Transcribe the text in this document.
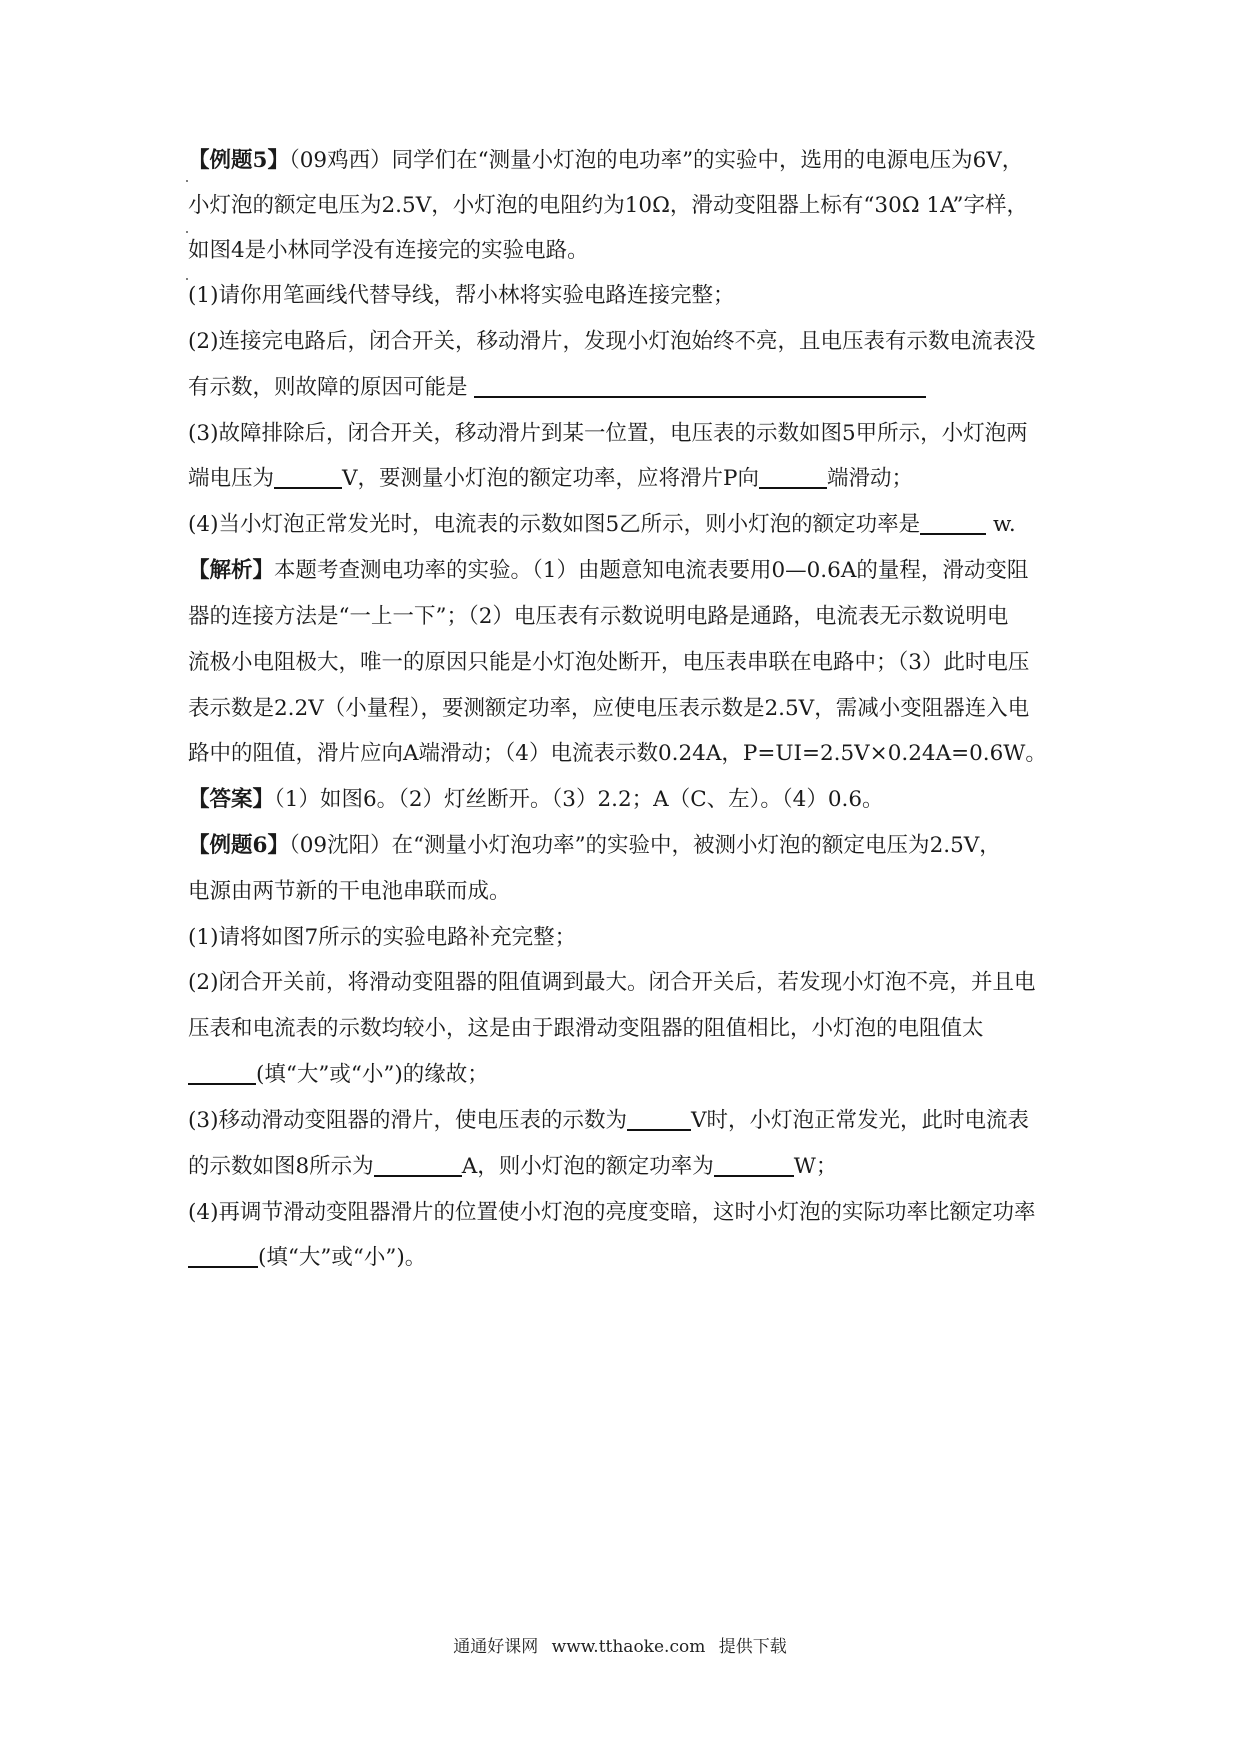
【例题5】（09鸡西）同学们在“测量小灯泡的电功率”的实验中，选用的电源电压为6V，
小灯泡的额定电压为2.5V，小灯泡的电阻约为10Ω，滑动变阻器上标有“30Ω 1A”字样，
如图4是小林同学没有连接完的实验电路。
(1)请你用笔画线代替导线，帮小林将实验电路连接完整；
(2)连接完电路后，闭合开关，移动滑片，发现小灯泡始终不亮，且电压表有示数电流表没
有示数，则故障的原因可能是
(3)故障排除后，闭合开关，移动滑片到某一位置，电压表的示数如图5甲所示，小灯泡两
端电压为	V，要测量小灯泡的额定功率，应将滑片P向	端滑动；
(4)当小灯泡正常发光时，电流表的示数如图5乙所示，则小灯泡的额定功率是	w.
【解析】本题考查测电功率的实验。（1）由题意知电流表要用0—0.6A的量程，滑动变阻
器的连接方法是“一上一下”；（2）电压表有示数说明电路是通路，电流表无示数说明电
流极小电阻极大，唯一的原因只能是小灯泡处断开，电压表串联在电路中；（3）此时电压
表示数是2.2V（小量程），要测额定功率，应使电压表示数是2.5V，需减小变阻器连入电
路中的阻值，滑片应向A端滑动；（4）电流表示数0.24A，P=UI=2.5V×0.24A=0.6W。
【答案】（1）如图6。（2）灯丝断开。（3）2.2；A（C、左）。（4）0.6。
【例题6】（09沈阳）在“测量小灯泡功率”的实验中，被测小灯泡的额定电压为2.5V，
电源由两节新的干电池串联而成。
(1)请将如图7所示的实验电路补充完整；
(2)闭合开关前，将滑动变阻器的阻值调到最大。闭合开关后，若发现小灯泡不亮，并且电
压表和电流表的示数均较小，这是由于跟滑动变阻器的阻值相比，小灯泡的电阻值太
(填“大”或“小”)的缘故；
(3)移动滑动变阻器的滑片，使电压表的示数为	V时，小灯泡正常发光，此时电流表
的示数如图8所示为	A，则小灯泡的额定功率为	W；
(4)再调节滑动变阻器滑片的位置使小灯泡的亮度变暗，这时小灯泡的实际功率比额定功率
(填“大”或“小”)。
通通好课网 www.tthaoke.com 提供下载
